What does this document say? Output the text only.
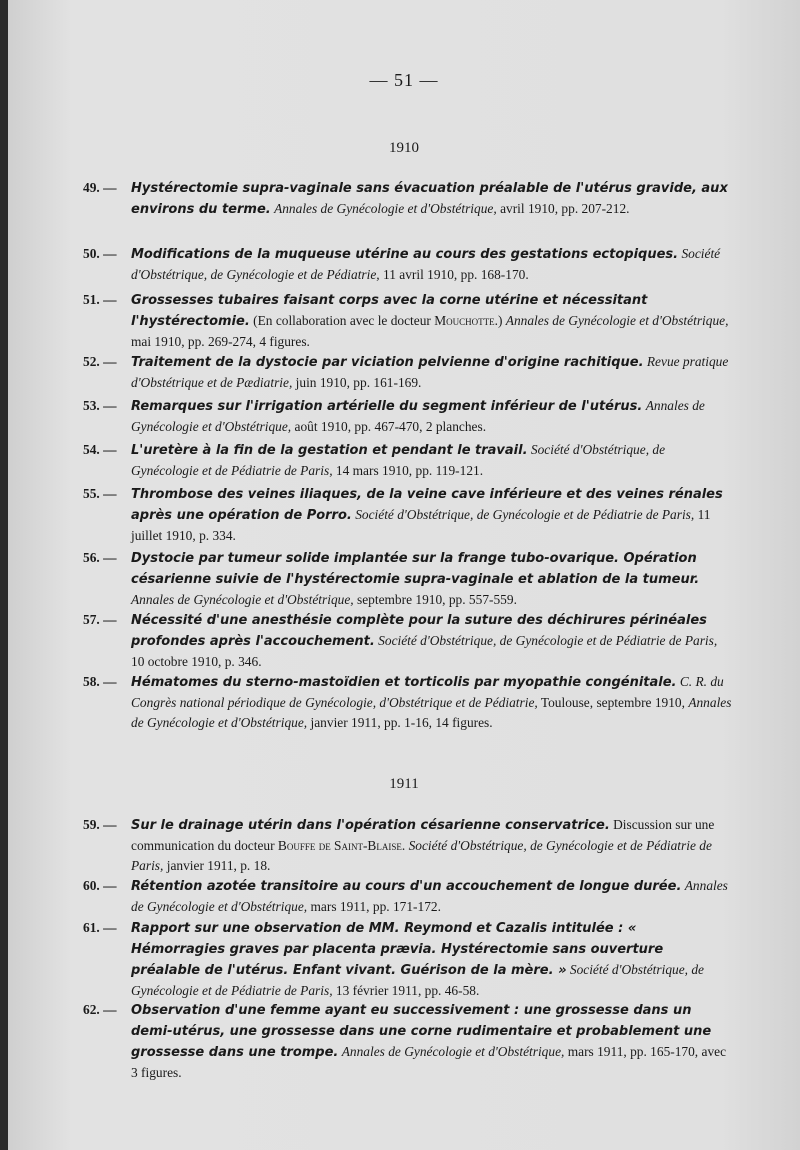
— 51 —
1910
49. —	Hystérectomie supra-vaginale sans évacuation préalable de l'utérus gravide, aux environs du terme. Annales de Gynécologie et d'Obstétrique, avril 1910, pp. 207-212.
50. —	Modifications de la muqueuse utérine au cours des gestations ectopiques. Société d'Obstétrique, de Gynécologie et de Pédiatrie, 11 avril 1910, pp. 168-170.
51. —	Grossesses tubaires faisant corps avec la corne utérine et nécessitant l'hystérectomie. (En collaboration avec le docteur Mouchotte.) Annales de Gynécologie et d'Obstétrique, mai 1910, pp. 269-274, 4 figures.
52. —	Traitement de la dystocie par viciation pelvienne d'origine rachitique. Revue pratique d'Obstétrique et de Pædiatrie, juin 1910, pp. 161-169.
53. —	Remarques sur l'irrigation artérielle du segment inférieur de l'utérus. Annales de Gynécologie et d'Obstétrique, août 1910, pp. 467-470, 2 planches.
54. —	L'uretère à la fin de la gestation et pendant le travail. Société d'Obstétrique, de Gynécologie et de Pédiatrie de Paris, 14 mars 1910, pp. 119-121.
55. —	Thrombose des veines iliaques, de la veine cave inférieure et des veines rénales après une opération de Porro. Société d'Obstétrique, de Gynécologie et de Pédiatrie de Paris, 11 juillet 1910, p. 334.
56. —	Dystocie par tumeur solide implantée sur la frange tubo-ovarique. Opération césarienne suivie de l'hystérectomie supra-vaginale et ablation de la tumeur. Annales de Gynécologie et d'Obstétrique, septembre 1910, pp. 557-559.
57. —	Nécessité d'une anesthésie complète pour la suture des déchirures périnéales profondes après l'accouchement. Société d'Obstétrique, de Gynécologie et de Pédiatrie de Paris, 10 octobre 1910, p. 346.
58. —	Hématomes du sterno-mastoïdien et torticolis par myopathie congénitale. C. R. du Congrès national périodique de Gynécologie, d'Obstétrique et de Pédiatrie, Toulouse, septembre 1910, Annales de Gynécologie et d'Obstétrique, janvier 1911, pp. 1-16, 14 figures.
1911
59. —	Sur le drainage utérin dans l'opération césarienne conservatrice. Discussion sur une communication du docteur Bouffe de Saint-Blaise. Société d'Obstétrique, de Gynécologie et de Pédiatrie de Paris, janvier 1911, p. 18.
60. —	Rétention azotée transitoire au cours d'un accouchement de longue durée. Annales de Gynécologie et d'Obstétrique, mars 1911, pp. 171-172.
61. —	Rapport sur une observation de MM. Reymond et Cazalis intitulée : « Hémorragies graves par placenta prævia. Hystérectomie sans ouverture préalable de l'utérus. Enfant vivant. Guérison de la mère. » Société d'Obstétrique, de Gynécologie et de Pédiatrie de Paris, 13 février 1911, pp. 46-58.
62. —	Observation d'une femme ayant eu successivement : une grossesse dans un demi-utérus, une grossesse dans une corne rudimentaire et probablement une grossesse dans une trompe. Annales de Gynécologie et d'Obstétrique, mars 1911, pp. 165-170, avec 3 figures.
